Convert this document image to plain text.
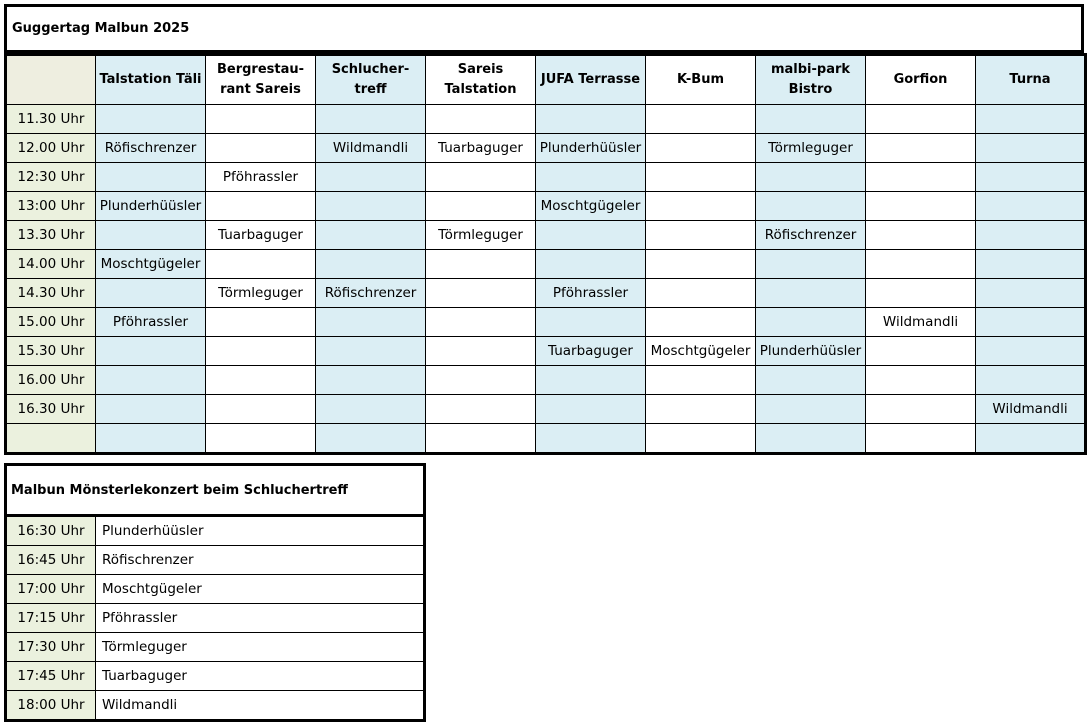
Guggertag Malbun 2025
	Talstation Täli	Bergrestau-rant Sareis	Schlucher-treff	Sareis Talstation	JUFA Terrasse	K-Bum	malbi-park Bistro	Gorfion	Turna
11.30 Uhr									
12.00 Uhr	Röfischrenzer		Wildmandli	Tuarbaguger	Plunderhüüsler		Törmleguger		
12:30 Uhr		Pföhrassler							
13:00 Uhr	Plunderhüüsler				Moschtgügeler				
13.30 Uhr		Tuarbaguger		Törmleguger			Röfischrenzer		
14.00 Uhr	Moschtgügeler								
14.30 Uhr		Törmleguger	Röfischrenzer		Pföhrassler				
15.00 Uhr	Pföhrassler							Wildmandli	
15.30 Uhr					Tuarbaguger	Moschtgügeler	Plunderhüüsler		
16.00 Uhr									
16.30 Uhr									Wildmandli

Malbun Mönsterlekonzert beim Schluchertreff
16:30 Uhr	Plunderhüüsler
16:45 Uhr	Röfischrenzer
17:00 Uhr	Moschtgügeler
17:15 Uhr	Pföhrassler
17:30 Uhr	Törmleguger
17:45 Uhr	Tuarbaguger
18:00 Uhr	Wildmandli
